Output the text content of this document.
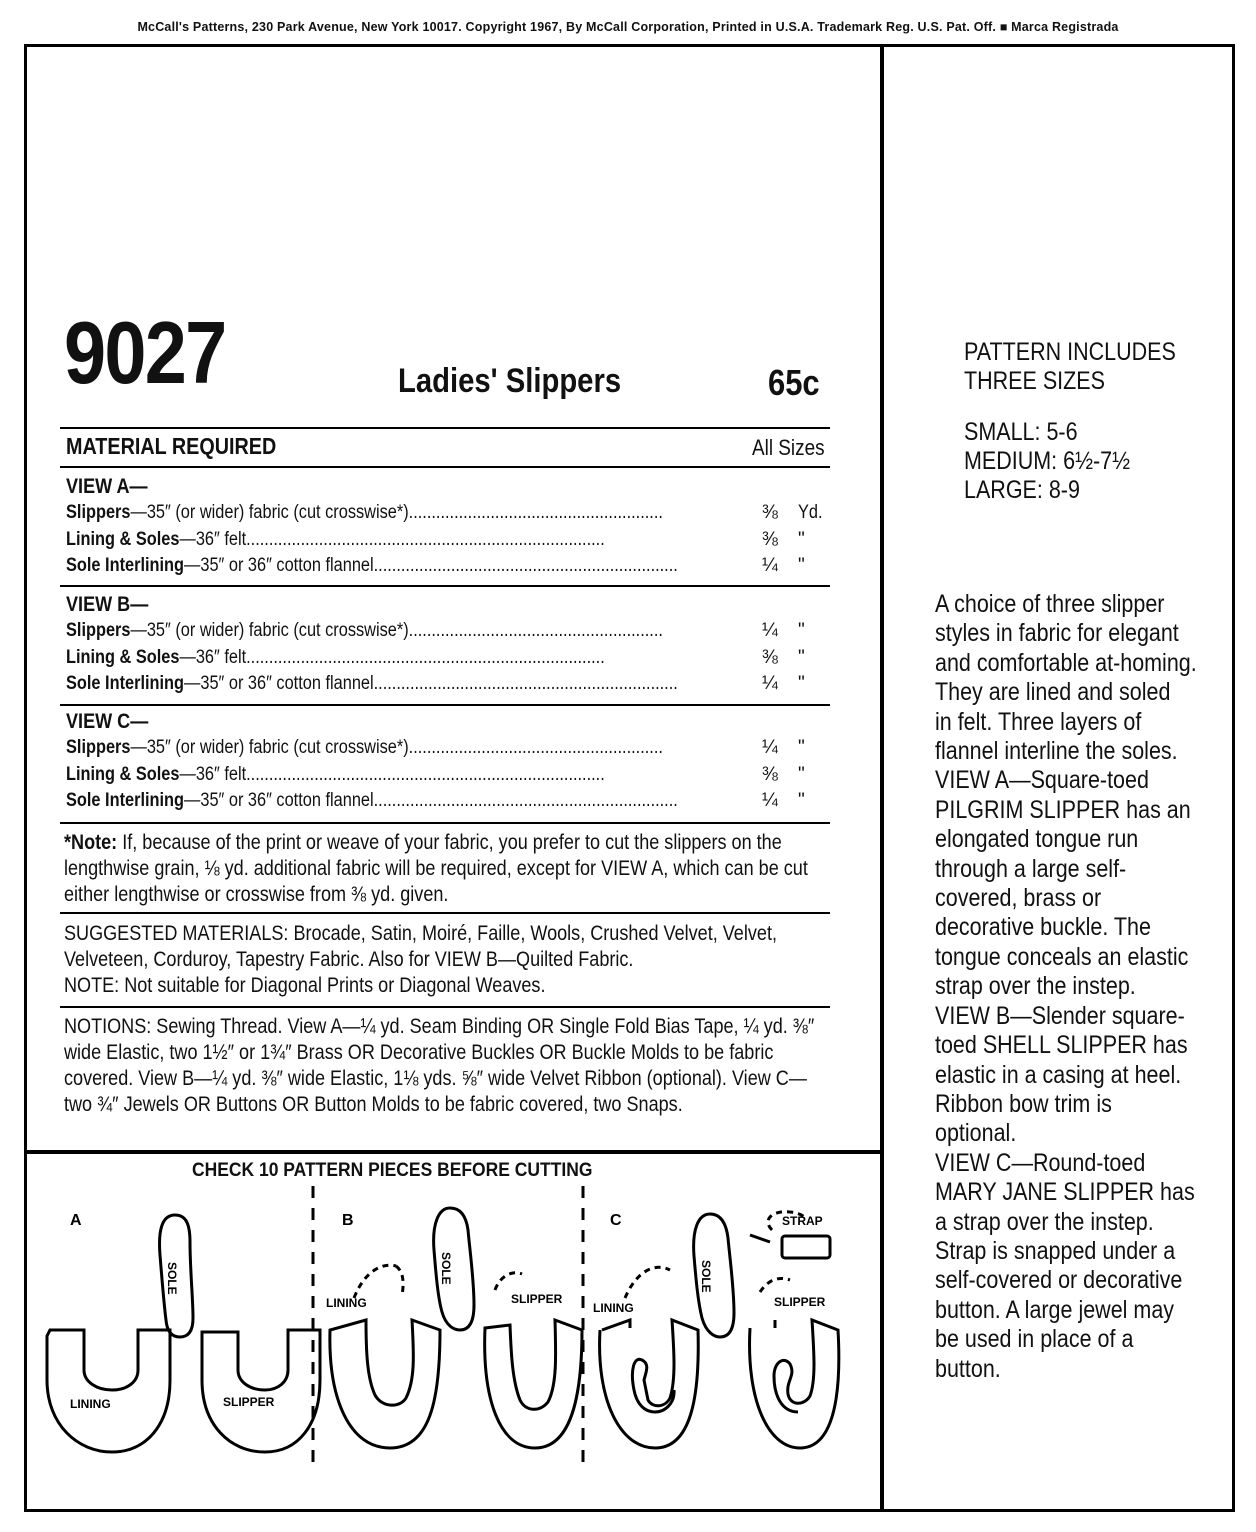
McCall's Patterns, 230 Park Avenue, New York 10017. Copyright 1967, By McCall Corporation, Printed in U.S.A. Trademark Reg. U.S. Pat. Off. ■ Marca Registrada
9027	Ladies' Slippers	65c
MATERIAL REQUIRED	All Sizes
VIEW A—
Slippers—35″ (or wider) fabric (cut crosswise*)........................................................	⅜ Yd.
Lining & Soles—36″ felt...............................................................................	⅜ "
Sole Interlining—35″ or 36″ cotton flannel...................................................................	¼ "
VIEW B—
Slippers—35″ (or wider) fabric (cut crosswise*)........................................................	¼ "
Lining & Soles—36″ felt...............................................................................	⅜ "
Sole Interlining—35″ or 36″ cotton flannel...................................................................	¼ "
VIEW C—
Slippers—35″ (or wider) fabric (cut crosswise*)........................................................	¼ "
Lining & Soles—36″ felt...............................................................................	⅜ "
Sole Interlining—35″ or 36″ cotton flannel...................................................................	¼ "
*Note: If, because of the print or weave of your fabric, you prefer to cut the slippers on the lengthwise grain, ⅛ yd. additional fabric will be required, except for VIEW A, which can be cut either lengthwise or crosswise from ⅜ yd. given.
SUGGESTED MATERIALS: Brocade, Satin, Moiré, Faille, Wools, Crushed Velvet, Velvet, Velveteen, Corduroy, Tapestry Fabric. Also for VIEW B—Quilted Fabric.
NOTE: Not suitable for Diagonal Prints or Diagonal Weaves.
NOTIONS: Sewing Thread. View A—¼ yd. Seam Binding OR Single Fold Bias Tape, ¼ yd. ⅜″ wide Elastic, two 1½″ or 1¾″ Brass OR Decorative Buckles OR Buckle Molds to be fabric covered. View B—¼ yd. ⅜″ wide Elastic, 1⅛ yds. ⅝″ wide Velvet Ribbon (optional). View C—two ¾″ Jewels OR Buttons OR Button Molds to be fabric covered, two Snaps.
CHECK 10 PATTERN PIECES BEFORE CUTTING
A	B	C
SOLE	SOLE	SOLE
LINING	SLIPPER
LINING	SLIPPER
LINING	SLIPPER
STRAP
PATTERN INCLUDES
THREE SIZES
SMALL: 5-6
MEDIUM: 6½-7½
LARGE: 8-9
A choice of three slipper
styles in fabric for elegant
and comfortable at-homing.
They are lined and soled
in felt. Three layers of
flannel interline the soles.
VIEW A—Square-toed
PILGRIM SLIPPER has an
elongated tongue run
through a large self-
covered, brass or
decorative buckle. The
tongue conceals an elastic
strap over the instep.
VIEW B—Slender square-
toed SHELL SLIPPER has
elastic in a casing at heel.
Ribbon bow trim is
optional.
VIEW C—Round-toed
MARY JANE SLIPPER has
a strap over the instep.
Strap is snapped under a
self-covered or decorative
button. A large jewel may
be used in place of a
button.
